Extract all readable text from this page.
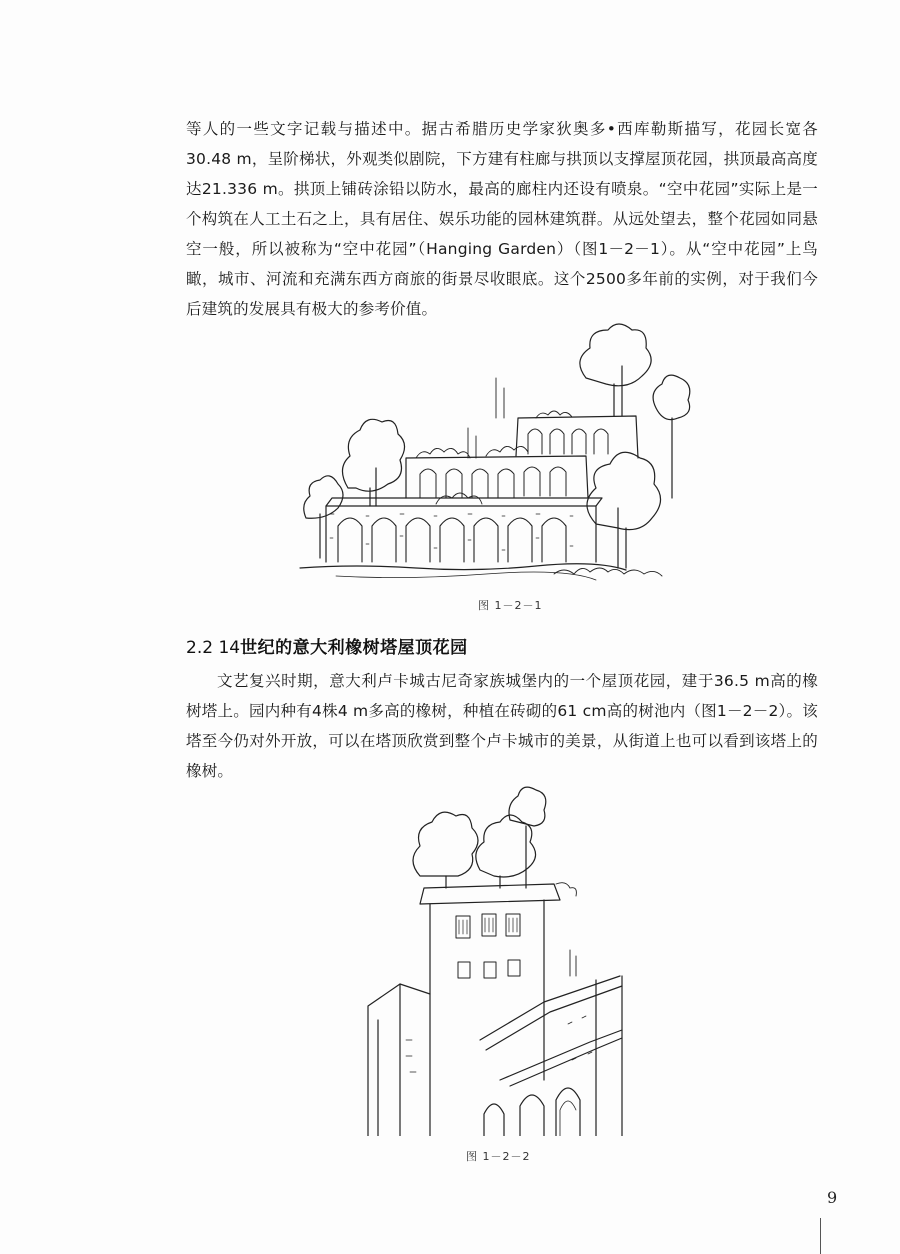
等人的一些文字记载与描述中。据古希腊历史学家狄奥多•西库勒斯描写，花园长宽各30.48 m，呈阶梯状，外观类似剧院，下方建有柱廊与拱顶以支撑屋顶花园，拱顶最高高度达21.336 m。拱顶上铺砖涂铅以防水，最高的廊柱内还设有喷泉。“空中花园”实际上是一个构筑在人工土石之上，具有居住、娱乐功能的园林建筑群。从远处望去，整个花园如同悬空一般，所以被称为“空中花园”（Hanging Garden）（图1－2－1）。从“空中花园”上鸟瞰，城市、河流和充满东西方商旅的街景尽收眼底。这个2500多年前的实例，对于我们今后建筑的发展具有极大的参考价值。

图 1－2－1
2.2 14世纪的意大利橡树塔屋顶花园

文艺复兴时期，意大利卢卡城古尼奇家族城堡内的一个屋顶花园，建于36.5 m高的橡树塔上。园内种有4株4 m多高的橡树，种植在砖砌的61 cm高的树池内（图1－2－2）。该塔至今仍对外开放，可以在塔顶欣赏到整个卢卡城市的美景，从街道上也可以看到该塔上的橡树。

图 1－2－2
9
